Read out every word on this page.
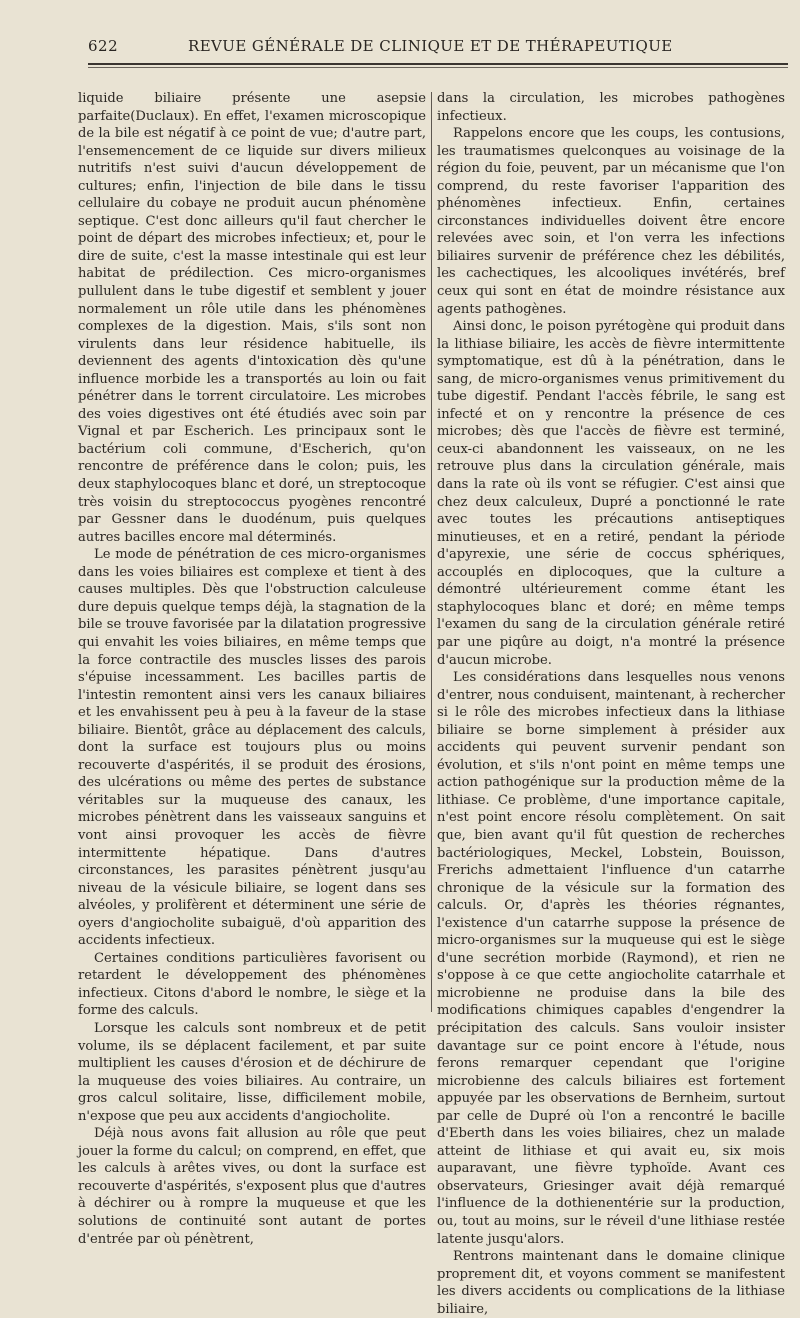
622	REVUE GÉNÉRALE DE CLINIQUE ET DE THÉRAPEUTIQUE

liquide biliaire présente une asepsie parfaite(Duclaux). En effet, l'examen microscopique de la bile est négatif à ce point de vue; d'autre part, l'ensemencement de ce liquide sur divers milieux nutritifs n'est suivi d'aucun développement de cultures; enfin, l'injection de bile dans le tissu cellulaire du cobaye ne produit aucun phénomène septique. C'est donc ailleurs qu'il faut chercher le point de départ des microbes infectieux; et, pour le dire de suite, c'est la masse intestinale qui est leur habitat de prédilection. Ces micro-organismes pullulent dans le tube digestif et semblent y jouer normalement un rôle utile dans les phénomènes complexes de la digestion. Mais, s'ils sont non virulents dans leur résidence habituelle, ils deviennent des agents d'intoxication dès qu'une influence morbide les a transportés au loin ou fait pénétrer dans le torrent circulatoire. Les microbes des voies digestives ont été étudiés avec soin par Vignal et par Escherich. Les principaux sont le bactérium coli commune, d'Escherich, qu'on rencontre de préférence dans le colon; puis, les deux staphylocoques blanc et doré, un streptocoque très voisin du streptococcus pyogènes rencontré par Gessner dans le duodénum, puis quelques autres bacilles encore mal déterminés.

Le mode de pénétration de ces micro-organismes dans les voies biliaires est complexe et tient à des causes multiples. Dès que l'obstruction calculeuse dure depuis quelque temps déjà, la stagnation de la bile se trouve favorisée par la dilatation progressive qui envahit les voies biliaires, en même temps que la force contractile des muscles lisses des parois s'épuise incessamment. Les bacilles partis de l'intestin remontent ainsi vers les canaux biliaires et les envahissent peu à peu à la faveur de la stase biliaire. Bientôt, grâce au déplacement des calculs, dont la surface est toujours plus ou moins recouverte d'aspérités, il se produit des érosions, des ulcérations ou même des pertes de substance véritables sur la muqueuse des canaux, les microbes pénètrent dans les vaisseaux sanguins et vont ainsi provoquer les accès de fièvre intermittente hépatique. Dans d'autres circonstances, les parasites pénètrent jusqu'au niveau de la vésicule biliaire, se logent dans ses alvéoles, y prolifèrent et déterminent une série de oyers d'angiocholite subaiguë, d'où apparition des accidents infectieux.

Certaines conditions particulières favorisent ou retardent le développement des phénomènes infectieux. Citons d'abord le nombre, le siège et la forme des calculs.

Lorsque les calculs sont nombreux et de petit volume, ils se déplacent facilement, et par suite multiplient les causes d'érosion et de déchirure de la muqueuse des voies biliaires. Au contraire, un gros calcul solitaire, lisse, difficilement mobile, n'expose que peu aux accidents d'angiocholite.

Déjà nous avons fait allusion au rôle que peut jouer la forme du calcul; on comprend, en effet, que les calculs à arêtes vives, ou dont la surface est recouverte d'aspérités, s'exposent plus que d'autres à déchirer ou à rompre la muqueuse et que les solutions de continuité sont autant de portes d'entrée par où pénètrent,

dans la circulation, les microbes pathogènes infectieux.

Rappelons encore que les coups, les contusions, les traumatismes quelconques au voisinage de la région du foie, peuvent, par un mécanisme que l'on comprend, du reste favoriser l'apparition des phénomènes infectieux. Enfin, certaines circonstances individuelles doivent être encore relevées avec soin, et l'on verra les infections biliaires survenir de préférence chez les débilités, les cachectiques, les alcooliques invétérés, bref ceux qui sont en état de moindre résistance aux agents pathogènes.

Ainsi donc, le poison pyrétogène qui produit dans la lithiase biliaire, les accès de fièvre intermittente symptomatique, est dû à la pénétration, dans le sang, de micro-organismes venus primitivement du tube digestif. Pendant l'accès fébrile, le sang est infecté et on y rencontre la présence de ces microbes; dès que l'accès de fièvre est terminé, ceux-ci abandonnent les vaisseaux, on ne les retrouve plus dans la circulation générale, mais dans la rate où ils vont se réfugier. C'est ainsi que chez deux calculeux, Dupré a ponctionné le rate avec toutes les précautions antiseptiques minutieuses, et en a retiré, pendant la période d'apyrexie, une série de coccus sphériques, accouplés en diplocoques, que la culture a démontré ultérieurement comme étant les staphylocoques blanc et doré; en même temps l'examen du sang de la circulation générale retiré par une piqûre au doigt, n'a montré la présence d'aucun microbe.

Les considérations dans lesquelles nous venons d'entrer, nous conduisent, maintenant, à rechercher si le rôle des microbes infectieux dans la lithiase biliaire se borne simplement à présider aux accidents qui peuvent survenir pendant son évolution, et s'ils n'ont point en même temps une action pathogénique sur la production même de la lithiase. Ce problème, d'une importance capitale, n'est point encore résolu complètement. On sait que, bien avant qu'il fût question de recherches bactériologiques, Meckel, Lobstein, Bouisson, Frerichs admettaient l'influence d'un catarrhe chronique de la vésicule sur la formation des calculs. Or, d'après les théories régnantes, l'existence d'un catarrhe suppose la présence de micro-organismes sur la muqueuse qui est le siège d'une secrétion morbide (Raymond), et rien ne s'oppose à ce que cette angiocholite catarrhale et microbienne ne produise dans la bile des modifications chimiques capables d'engendrer la précipitation des calculs. Sans vouloir insister davantage sur ce point encore à l'étude, nous ferons remarquer cependant que l'origine microbienne des calculs biliaires est fortement appuyée par les observations de Bernheim, surtout par celle de Dupré où l'on a rencontré le bacille d'Eberth dans les voies biliaires, chez un malade atteint de lithiase et qui avait eu, six mois auparavant, une fièvre typhoïde. Avant ces observateurs, Griesinger avait déjà remarqué l'influence de la dothienentérie sur la production, ou, tout au moins, sur le réveil d'une lithiase restée latente jusqu'alors.

Rentrons maintenant dans le domaine clinique proprement dit, et voyons comment se manifestent les divers accidents ou complications de la lithiase biliaire,
